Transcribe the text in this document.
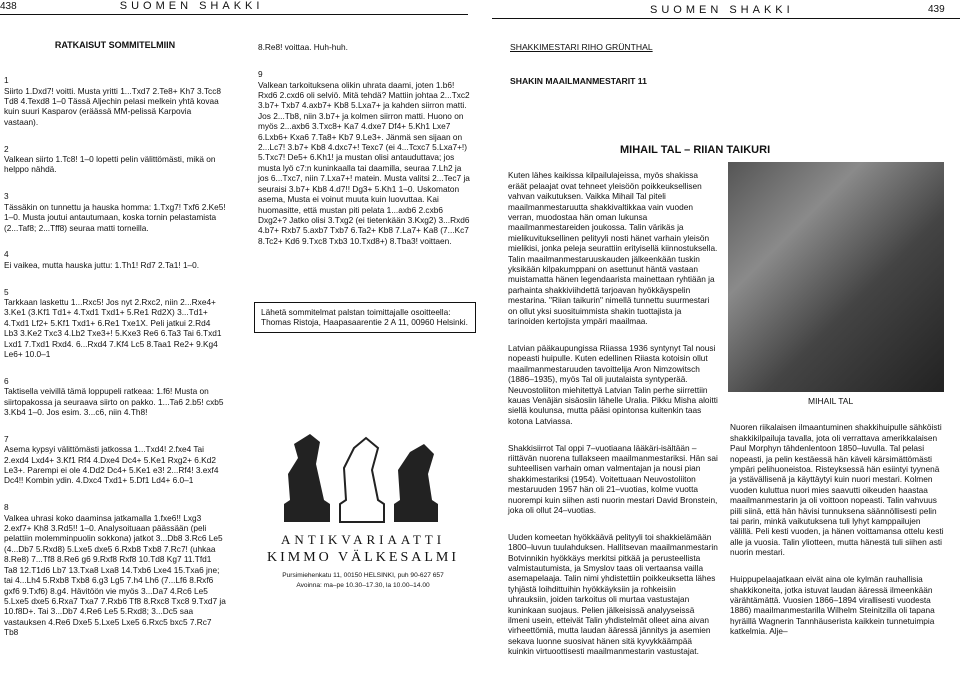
438	SUOMEN SHAKKI	SUOMEN SHAKKI	439

RATKAISUT SOMMITELMIIN

1
Siirto 1.Dxd7! voitti. Musta yritti 1...Txd7 2.Te8+ Kh7 3.Tcc8 Td8 4.Texd8 1–0 Tässä Aljechin pelasi melkein yhtä kovaa kuin suuri Kasparov (eräässä MM-pelissä Karpovia vastaan).

2
Valkean siirto 1.Tc8! 1–0 lopetti pelin välittömästi, mikä on helppo nähdä.

3
Tässäkin on tunnettu ja hauska homma: 1.Txg7! Txf6 2.Ke5! 1–0. Musta joutui antautumaan, koska tornin pelastamista (2...Taf8; 2...Tff8) seuraa matti torneilla.

4
Ei vaikea, mutta hauska juttu: 1.Th1! Rd7 2.Ta1! 1–0.

5
Tarkkaan laskettu 1...Rxc5! Jos nyt 2.Rxc2, niin 2...Rxe4+ 3.Ke1 (3.Kf1 Td1+ 4.Txd1 Txd1+ 5.Re1 Rd2X) 3...Td1+ 4.Txd1 Lf2+ 5.Kf1 Txd1+ 6.Re1 Txe1X. Peli jatkui 2.Rd4 Lb3 3.Ke2 Txc3 4.Lb2 Txe3+! 5.Kxe3 Re6 6.Ta3 Tai 6.Txd1 Lxd1 7.Txd1 Rxd4. 6...Rxd4 7.Kf4 Lc5 8.Taa1 Re2+ 9.Kg4 Le6+ 10.0–1

6
Taktisella veivillä tämä loppupeli ratkeaa: 1.f6! Musta on siirtopakossa ja seuraava siirto on pakko. 1...Ta6 2.b5! cxb5 3.Kb4 1–0. Jos esim. 3...c6, niin 4.Th8!

7
Asema kypsyi välittömästi jatkossa 1...Txd4! 2.fxe4 Tai 2.exd4 Lxd4+ 3.Kf1 Rf4 4.Dxe4 Dc4+ 5.Ke1 Rxg2+ 6.Kd2 Le3+. Parempi ei ole 4.Dd2 Dc4+ 5.Ke1 e3! 2...Rf4! 3.exf4 Dc4!! Kombin ydin. 4.Dxc4 Txd1+ 5.Df1 Ld4+ 6.0–1

8
Valkea uhrasi koko daaminsa jatkamalla 1.fxe6!! Lxg3 2.exf7+ Kh8 3.Rd5!! 1–0. Analysoituaan päässään (peli pelattiin molemminpuolin sokkona) jatkot 3...Db8 3.Rc6 Le5 (4...Db7 5.Rxd8) 5.Lxe5 dxe5 6.Rxb8 Txb8 7.Rc7! (uhkaa 8.Re8) 7...Tf8 8.Re6 g6 9.Rxf8 Rxf8 10.Td8 Kg7 11.Tfd1 Ta8 12.T1d6 Lb7 13.Txa8 Lxa8 14.Txb6 Lxe4 15.Txa6 jne; tai 4...Lh4 5.Rxb8 Txb8 6.g3 Lg5 7.h4 Lh6 (7...Lf6 8.Rxf6 gxf6 9.Txf6) 8.g4. Hävitöön vie myös 3...Da7 4.Rc6 Le5 5.Lxe5 dxe5 6.Rxa7 Txa7 7.Rxb6 Tf8 8.Rxc8 Txc8 9.Txd7 ja 10.f8D+. Tai 3...Db7 4.Re6 Le5 5.Rxd8; 3...Dc5 saa vastauksen 4.Re6 Dxe5 5.Lxe5 Lxe5 6.Rxc5 bxc5 7.Rc7 Tb8

8.Re8! voittaa. Huh-huh.

9
Valkean tarkoituksena olikin uhrata daami, joten 1.b6! Rxd6 2.cxd6 oli selviö. Mitä tehdä? Mattiin johtaa 2...Txc2 3.b7+ Txb7 4.axb7+ Kb8 5.Lxa7+ ja kahden siirron matti. Jos 2...Tb8, niin 3.b7+ ja kolmen siirron matti. Huono on myös 2...axb6 3.Txc8+ Ka7 4.dxe7 Df4+ 5.Kh1 Lxe7 6.Lxb6+ Kxa6 7.Ta8+ Kb7 9.Le3+. Jänmä sen sijaan on 2...Lc7! 3.b7+ Kb8 4.dxc7+! Texc7 (ei 4...Tcxc7 5.Lxa7+!) 5.Txc7! De5+ 6.Kh1! ja mustan olisi antauduttava; jos musta lyö c7:n kuninkaalla tai daamilla, seuraa 7.Lh2 ja jos 6...Txc7, niin 7.Lxa7+! matein. Musta valitsi 2...Tec7 ja seuraisi 3.b7+ Kb8 4.d7!! Dg3+ 5.Kh1 1–0. Uskomaton asema, Musta ei voinut muuta kuin luovuttaa. Kai huomasitte, että mustan piti pelata 1...axb6 2.cxb6 Dxg2+? Jatko olisi 3.Txg2 (ei tietenkään 3.Kxg2) 3...Rxd6 4.b7+ Rxb7 5.axb7 Txb7 6.Ta2+ Kb8 7.La7+ Ka8 (7...Kc7 8.Tc2+ Kd6 9.Txc8 Txb3 10.Txd8+) 8.Tba3! voittaen.

Lähetä sommitelmat palstan toimittajalle osoitteella: Thomas Ristoja, Haapasaarentie 2 A 11, 00960 Helsinki.
ANTIKVARIAATTI
KIMMO VÄLKESALMI
Pursimiehenkatu 11, 00150 HELSINKI, puh 90-627 657
Avoinna: ma–pe 10.30–17.30, la 10.00–14.00
SHAKKIMESTARI RIHO GRÜNTHAL
SHAKIN MAAILMANMESTARIT 11
MIHAIL TAL – RIIAN TAIKURI

Kuten lähes kaikissa kilpailulajeissa, myös shakissa eräät pelaajat ovat tehneet yleisöön poikkeuksellisen vahvan vaikutuksen. Vaikka Mihail Tal piteli maailmanmestaruutta shakkivaltikkaa vain vuoden verran, muodostaa hän oman lukunsa maailmanmestareiden joukossa. Talin värikäs ja mielikuvituksellinen pelityyli nosti hänet varhain yleisön mielikisi, jonka peleja seurattiin erityisellä kiinnostuksella. Talin maailmanmestaruuskauden jälkeenkään tuskin yksikään kilpakumppani on asettunut häntä vastaan muistamatta hänen legendaarista mainettaan ryhtiään ja parhainta shakkiviihdettä tarjoavan hyökkäyspelin mestarina. "Riian taikurin" nimellä tunnettu suurmestari on ollut yksi suosituimmista shakin tuottajista ja tarinoiden kertojista ympäri maailmaa.

Latvian pääkaupungissa Riiassa 1936 syntynyt Tal nousi nopeasti huipulle. Kuten edellinen Riiasta kotoisin ollut maailmanmestaruuden tavoittelija Aron Nimzowitsch (1886–1935), myös Tal oli juutalaista syntyperää. Neuvostoliiton miehitettyä Latvian Talin perhe siirrettiin kauas Venäjän sisäosiin lähelle Uralia. Pikku Misha aloitti siellä koulunsa, mutta pääsi opintonsa kuitenkin taas kotona Latviassa.

Shakkisiirrot Tal oppi 7–vuotiaana lääkäri-isältään – riittävän nuorena tullakseen maailmanmestariksi. Hän sai suhteellisen varhain oman valmentajan ja nousi pian shakkimestariksi (1954). Voitettuaan Neuvostoliiton mestaruuden 1957 hän oli 21–vuotias, kolme vuotta nuorempi kuin siihen asti nuorin mestari David Bronstein, joka oli ollut 24–vuotias.

Uuden komeetan hyökkäävä pelityyli toi shakkielämään 1800–luvun tuulahduksen. Hallitsevan maailmanmestarin Botvinnikin hyökkäys merkitsi pitkää ja perusteellista valmistautumista, ja Smyslov taas oli vertaansa vailla asemapelaaja. Talin nimi yhdistettiin poikkeuksetta lähes tyhjästä loihdittuihin hyökkäyksiin ja rohkeisiin uhrauksiin, joiden tarkoitus oli murtaa vastustajan kuninkaan suojaus. Pelien jälkeisissä analyyseissä ilmeni usein, etteivät Talin yhdistelmät olleet aina aivan virheettömiä, mutta laudan ääressä jännitys ja asemien sekava luonne suosivat hänen sitä kyvykkäämpää kuinkin virtuoottisesti maailmanmestarin vastustajat.

MIHAIL TAL

Nuoren riikalaisen ilmaantuminen shakkihuipulle sähköisti shakkikilpailuja tavalla, jota oli verrattava amerikkalaisen Paul Morphyn tähdenlentoon 1850–luvulla. Tal pelasi nopeasti, ja pelin kestäessä hän käveli kärsimättömästi ympäri pelihuoneistoa. Risteyksessä hän esiintyi tyynenä ja ystävällisenä ja käyttäytyi kuin nuori mestari. Kolmen vuoden kuluttua nuori mies saavutti oikeuden haastaa maailmanmestarin ja oli voittoon nopeasti. Talin vahvuus piili siinä, että hän hävisi tunnuksena säännöllisesti pelin tai parin, minkä vaikutuksena tuli lyhyt kamppailujen välillä. Peli kesti vuoden, ja hänen voittamansa ottelu kesti alle ja vuosia. Talin yliotteen, mutta hänestä tuli siihen asti nuorin mestari.

Huippupelaajatkaan eivät aina ole kylmän rauhallisia shakkikoneita, jotka istuvat laudan ääressä ilmeenkään värähtämättä. Vuosien 1866–1894 virallisesti vuodesta 1886) maailmanmestarilla Wilhelm Steinitzilla oli tapana hyräillä Wagnerin Tannhäuserista kaikkein tunnetuimpia katkelmia. Alje–
